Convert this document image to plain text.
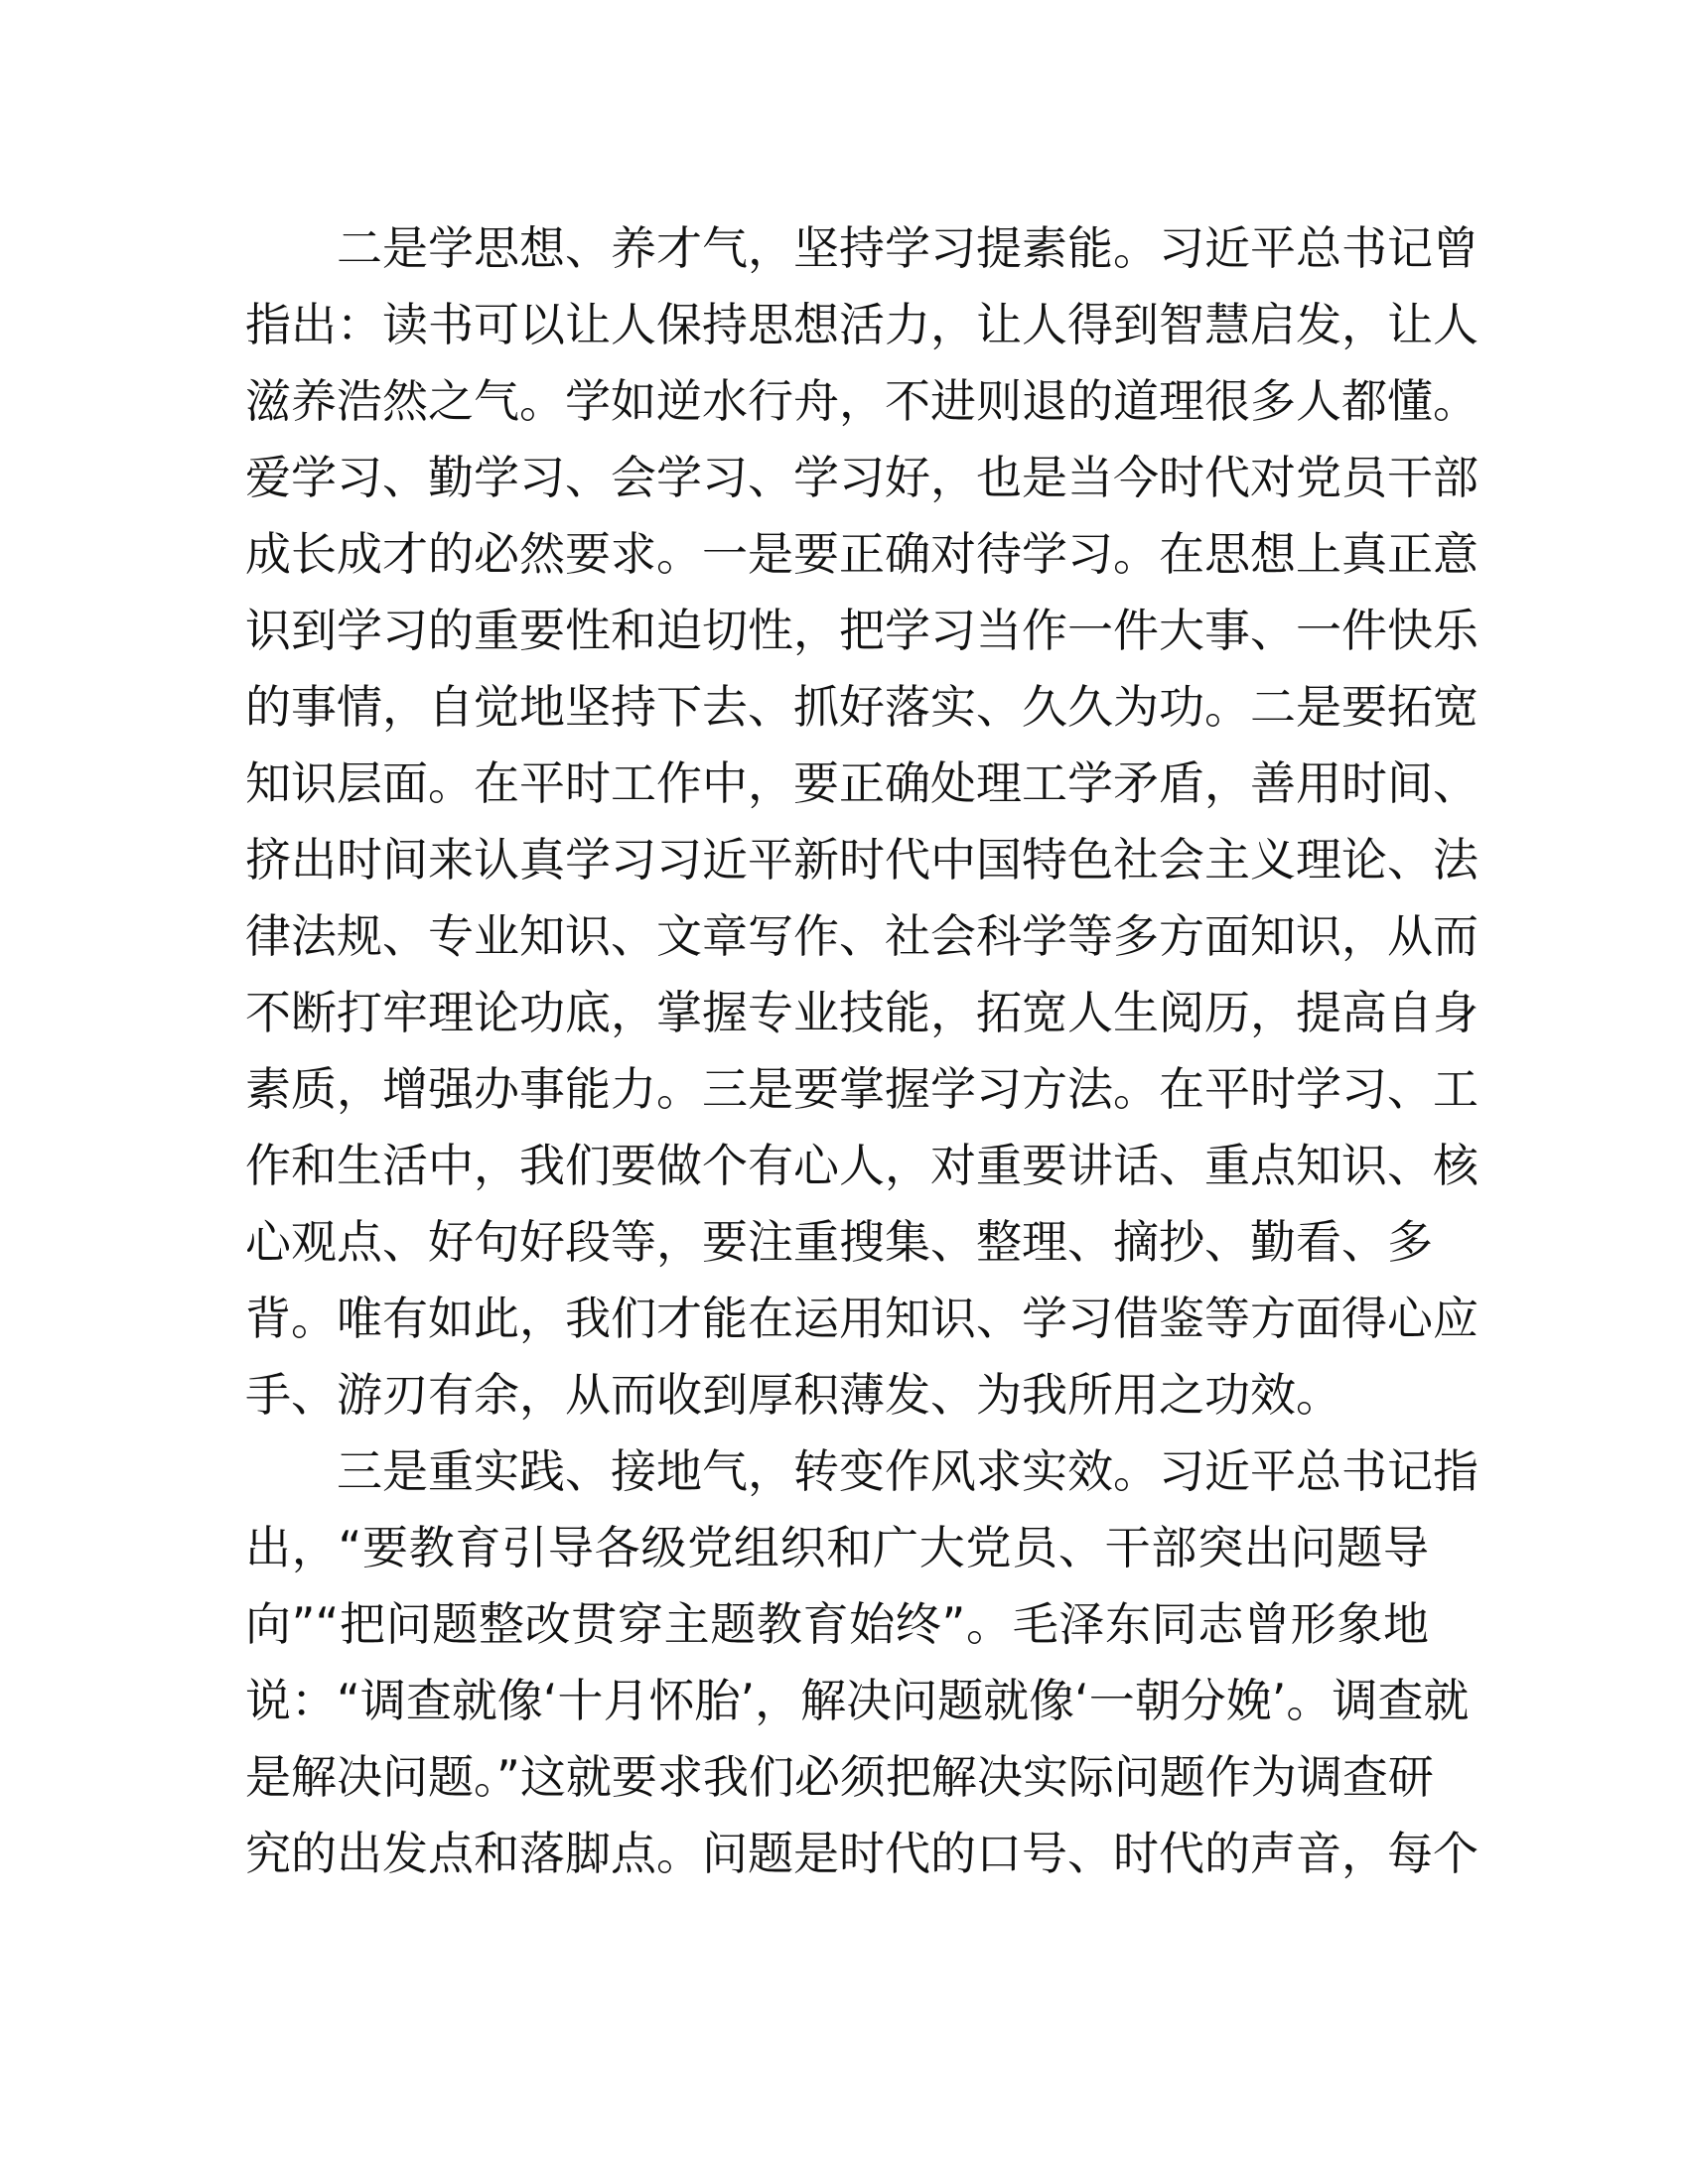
二是学思想、养才气，坚持学习提素能。习近平总书记曾
指出：读书可以让人保持思想活力，让人得到智慧启发，让人
滋养浩然之气。学如逆水行舟，不进则退的道理很多人都懂。
爱学习、勤学习、会学习、学习好，也是当今时代对党员干部
成长成才的必然要求。一是要正确对待学习。在思想上真正意
识到学习的重要性和迫切性，把学习当作一件大事、一件快乐
的事情，自觉地坚持下去、抓好落实、久久为功。二是要拓宽
知识层面。在平时工作中，要正确处理工学矛盾，善用时间、
挤出时间来认真学习习近平新时代中国特色社会主义理论、法
律法规、专业知识、文章写作、社会科学等多方面知识，从而
不断打牢理论功底，掌握专业技能，拓宽人生阅历，提高自身
素质，增强办事能力。三是要掌握学习方法。在平时学习、工
作和生活中，我们要做个有心人，对重要讲话、重点知识、核
心观点、好句好段等，要注重搜集、整理、摘抄、勤看、多
背。唯有如此，我们才能在运用知识、学习借鉴等方面得心应
手、游刃有余，从而收到厚积薄发、为我所用之功效。
三是重实践、接地气，转变作风求实效。习近平总书记指
出，“要教育引导各级党组织和广大党员、干部突出问题导
向”“把问题整改贯穿主题教育始终”。毛泽东同志曾形象地
说：“调查就像‘十月怀胎’，解决问题就像‘一朝分娩’。调查就
是解决问题。”这就要求我们必须把解决实际问题作为调查研
究的出发点和落脚点。问题是时代的口号、时代的声音，每个
